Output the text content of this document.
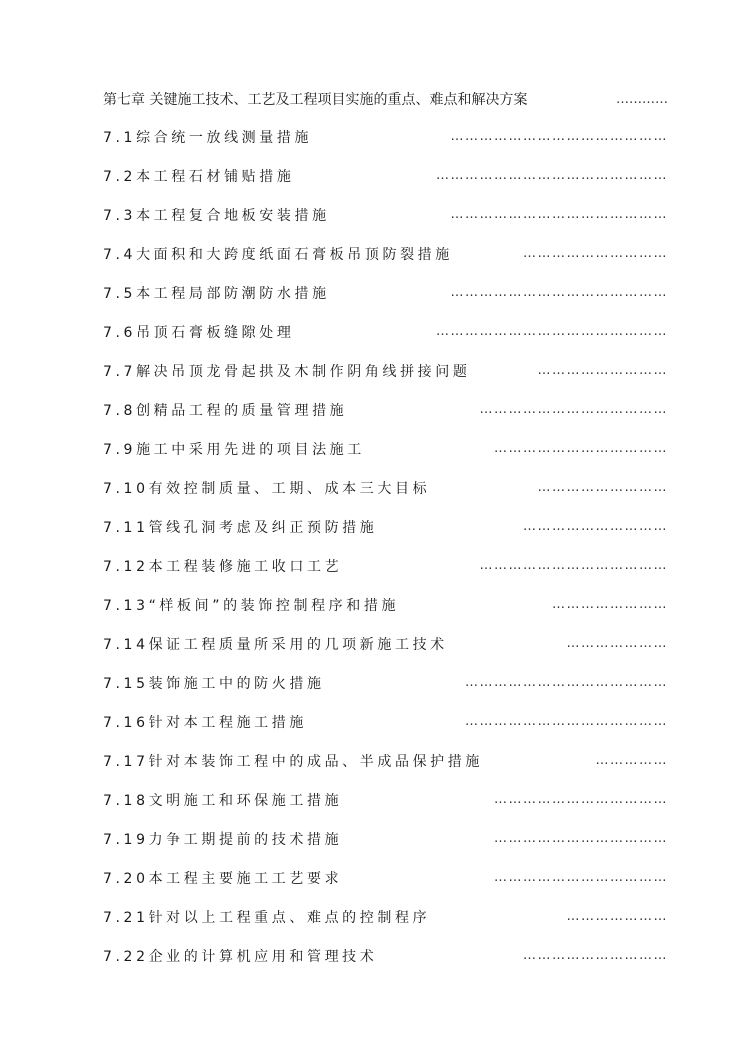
第七章 关键施工技术、工艺及工程项目实施的重点、难点和解决方案	…………
7.1综合统一放线测量措施	………………………………………
7.2本工程石材铺贴措施	…………………………………………
7.3本工程复合地板安装措施	………………………………………
7.4大面积和大跨度纸面石膏板吊顶防裂措施	…………………………
7.5本工程局部防潮防水措施	………………………………………
7.6吊顶石膏板缝隙处理	…………………………………………
7.7解决吊顶龙骨起拱及木制作阴角线拼接问题	………………………
7.8创精品工程的质量管理措施	…………………………………
7.9施工中采用先进的项目法施工	………………………………
7.10有效控制质量、工期、成本三大目标	………………………
7.11管线孔洞考虑及纠正预防措施	…………………………
7.12本工程装修施工收口工艺	…………………………………
7.13“样板间”的装饰控制程序和措施	……………………
7.14保证工程质量所采用的几项新施工技术	…………………
7.15装饰施工中的防火措施	……………………………………
7.16针对本工程施工措施	……………………………………
7.17针对本装饰工程中的成品、半成品保护措施	……………
7.18文明施工和环保施工措施	………………………………
7.19力争工期提前的技术措施	………………………………
7.20本工程主要施工工艺要求	………………………………
7.21针对以上工程重点、难点的控制程序	…………………
7.22企业的计算机应用和管理技术	…………………………
